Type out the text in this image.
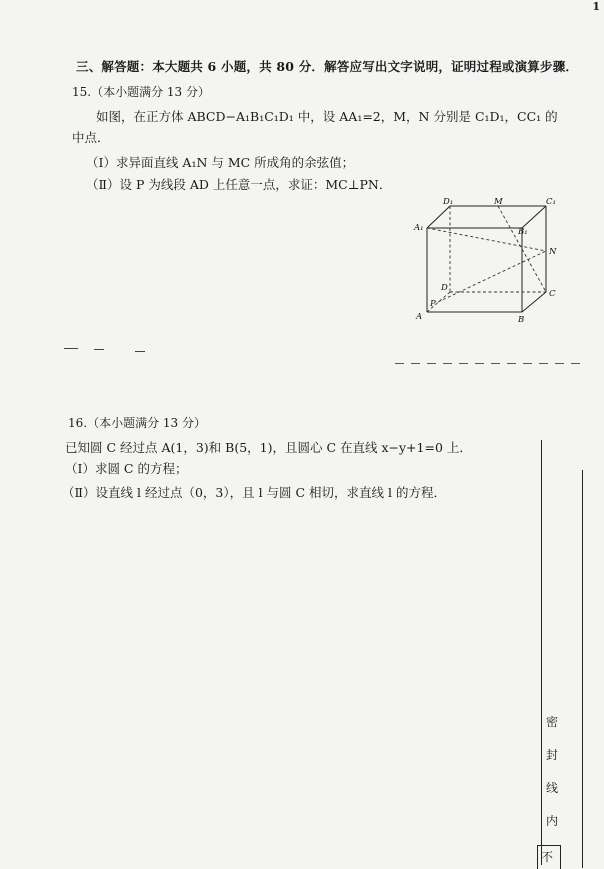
1
三、解答题：本大题共 6 小题，共 80 分．解答应写出文字说明，证明过程或演算步骤．
15.（本小题满分 13 分）
如图，在正方体 ABCD−A₁B₁C₁D₁ 中，设 AA₁=2，M，N 分别是 C₁D₁，CC₁ 的
中点．
（Ⅰ）求异面直线 A₁N 与 MC 所成角的余弦值；
（Ⅱ）设 P 为线段 AD 上任意一点，求证：MC⊥PN．
D₁	M	C₁
A₁	B₁
N
D
C
P
A	B
16.（本小题满分 13 分）
已知圆 C 经过点 A(1，3)和 B(5，1)，且圆心 C 在直线 x−y+1=0 上．
（Ⅰ）求圆 C 的方程；
（Ⅱ）设直线 l 经过点（0，3），且 l 与圆 C 相切，求直线 l 的方程．
密
封
线
内
不
